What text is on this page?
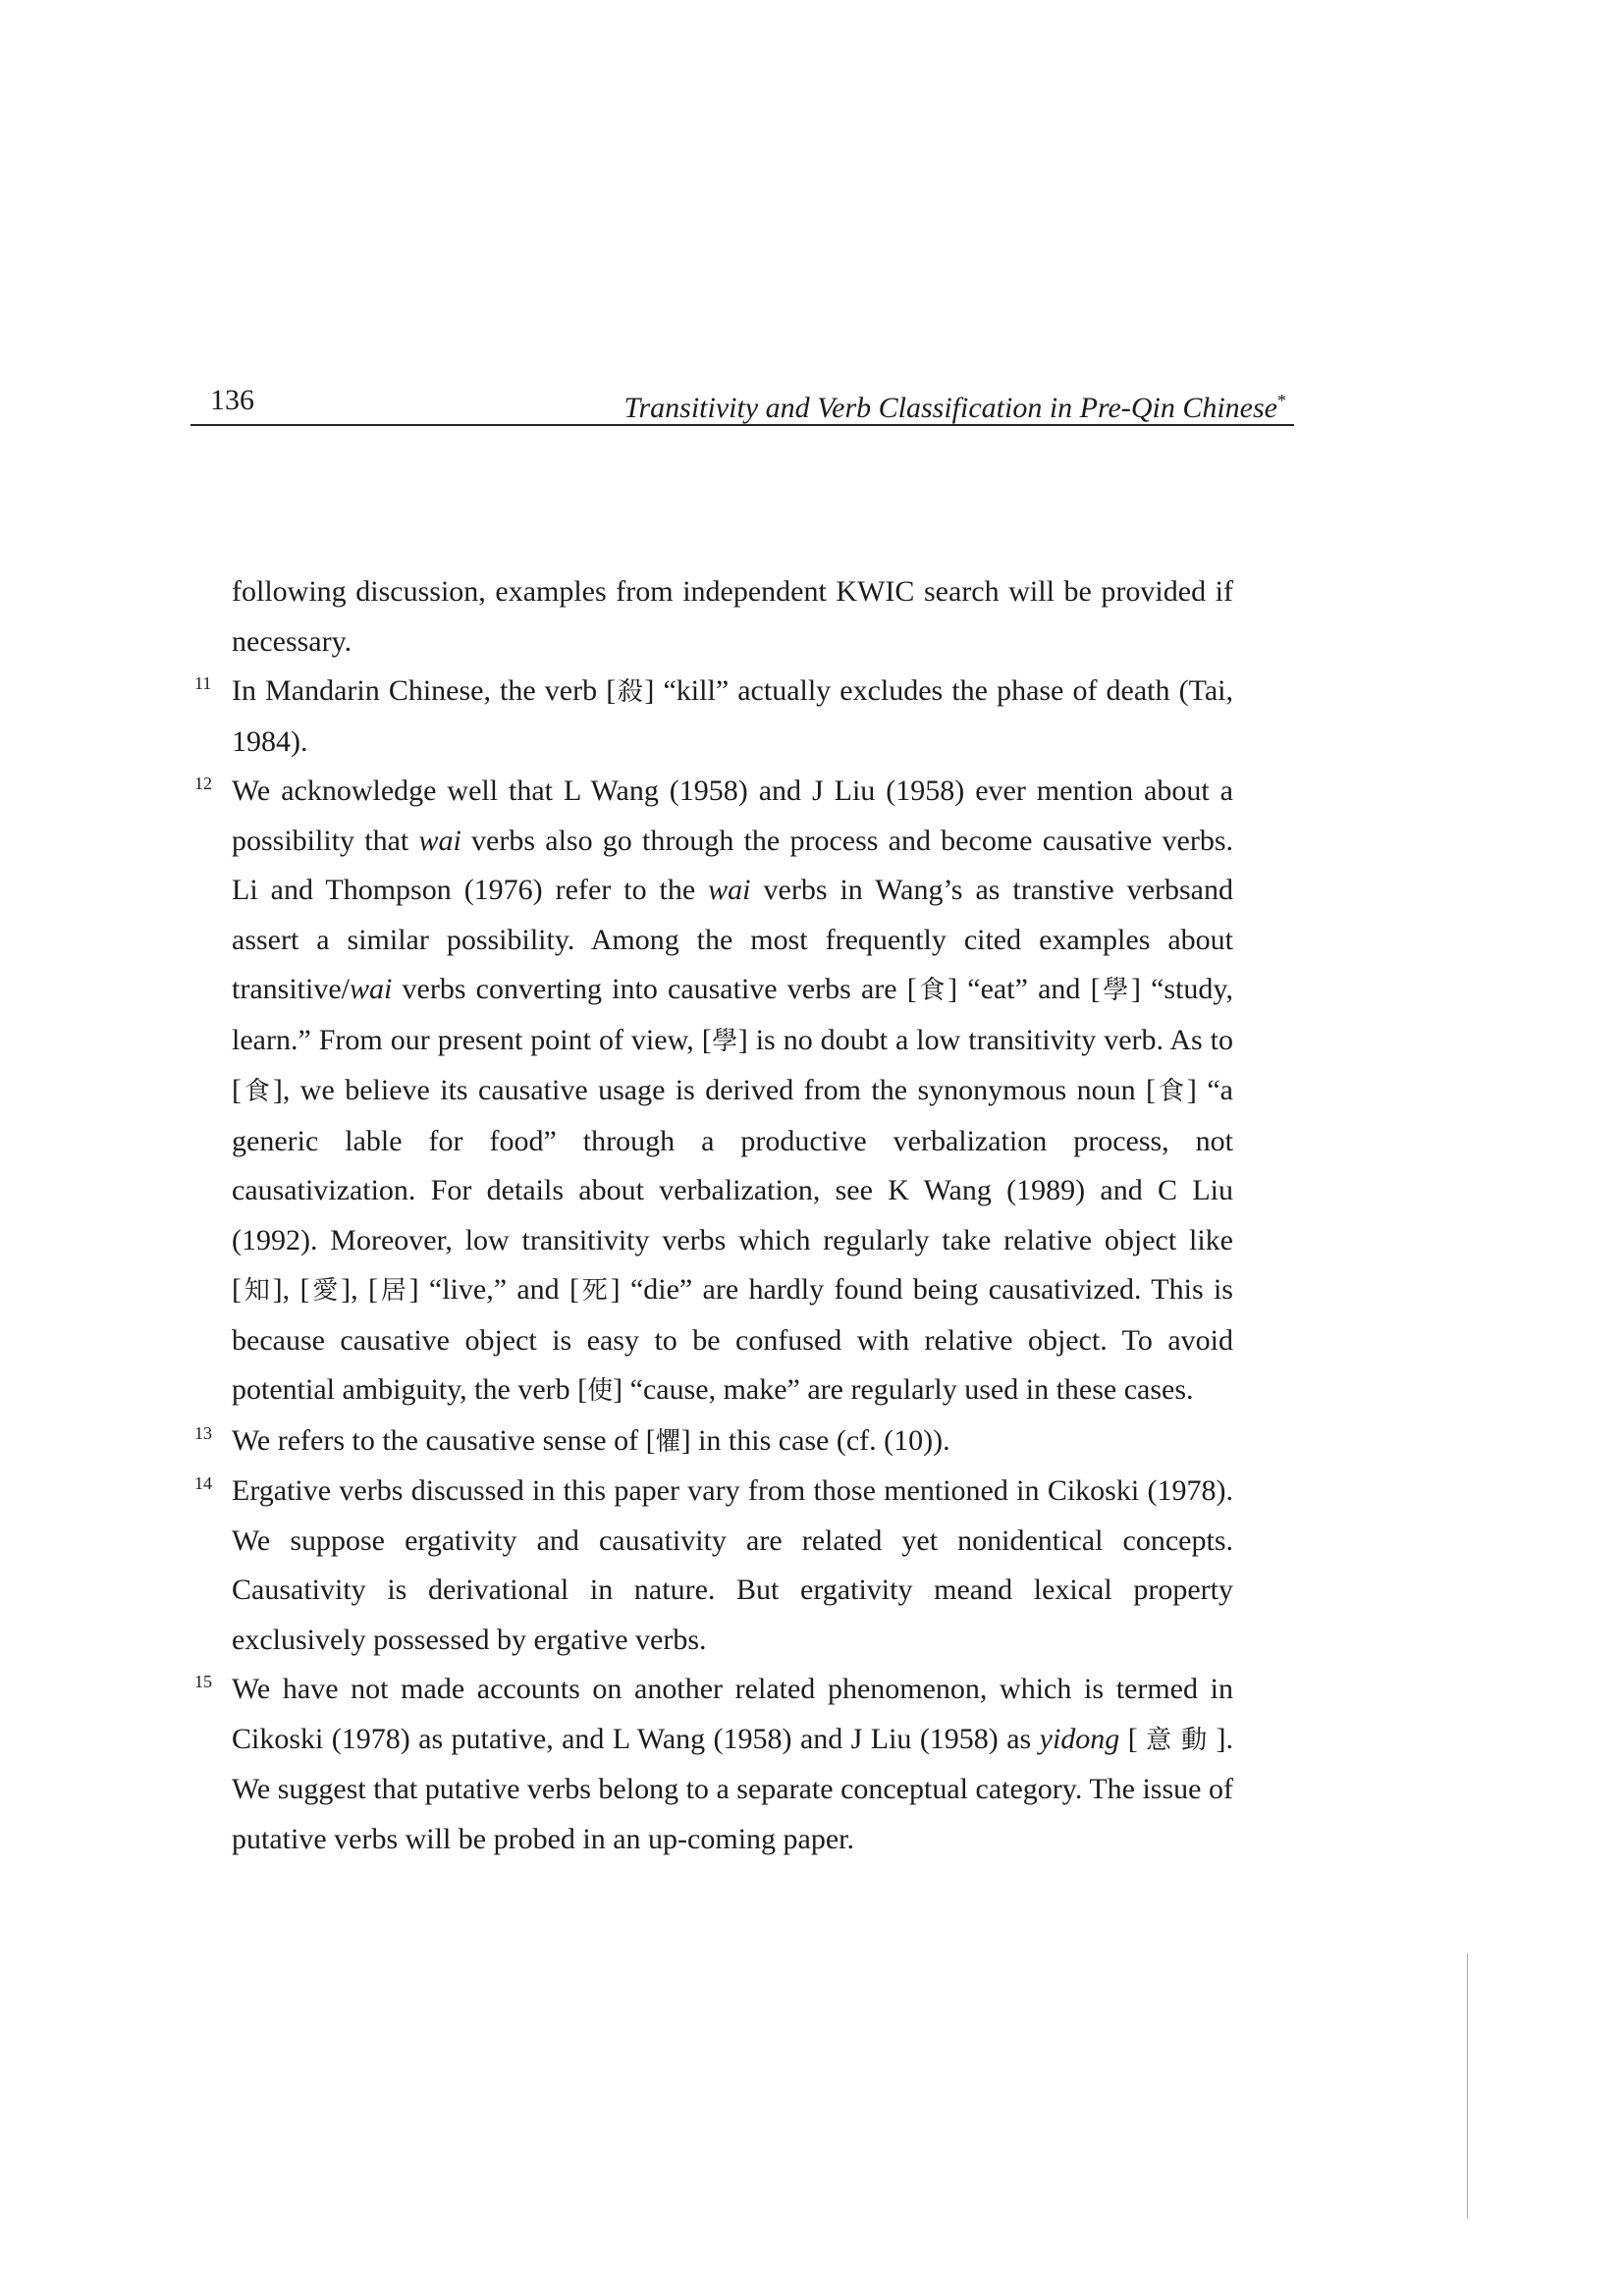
136	Transitivity and Verb Classification in Pre-Qin Chinese*
following discussion, examples from independent KWIC search will be provided if necessary.
11 In Mandarin Chinese, the verb [殺] “kill” actually excludes the phase of death (Tai, 1984).
12 We acknowledge well that L Wang (1958) and J Liu (1958) ever mention about a possibility that wai verbs also go through the process and become causative verbs. Li and Thompson (1976) refer to the wai verbs in Wang’s as transtive verbsand assert a similar possibility. Among the most frequently cited examples about transitive/wai verbs converting into causative verbs are [食] “eat” and [學] “study, learn.” From our present point of view, [學] is no doubt a low transitivity verb. As to [食], we believe its causative usage is derived from the synonymous noun [食] “a generic lable for food” through a productive verbalization process, not causativization. For details about verbalization, see K Wang (1989) and C Liu (1992). Moreover, low transitivity verbs which regularly take relative object like [知], [愛], [居] “live,” and [死] “die” are hardly found being causativized. This is because causative object is easy to be confused with relative object. To avoid potential ambiguity, the verb [使] “cause, make” are regularly used in these cases.
13 We refers to the causative sense of [懼] in this case (cf. (10)).
14 Ergative verbs discussed in this paper vary from those mentioned in Cikoski (1978). We suppose ergativity and causativity are related yet nonidentical concepts. Causativity is derivational in nature. But ergativity meand lexical property exclusively possessed by ergative verbs.
15 We have not made accounts on another related phenomenon, which is termed in Cikoski (1978) as putative, and L Wang (1958) and J Liu (1958) as yidong [ 意 動 ]. We suggest that putative verbs belong to a separate conceptual category. The issue of putative verbs will be probed in an up-coming paper.
